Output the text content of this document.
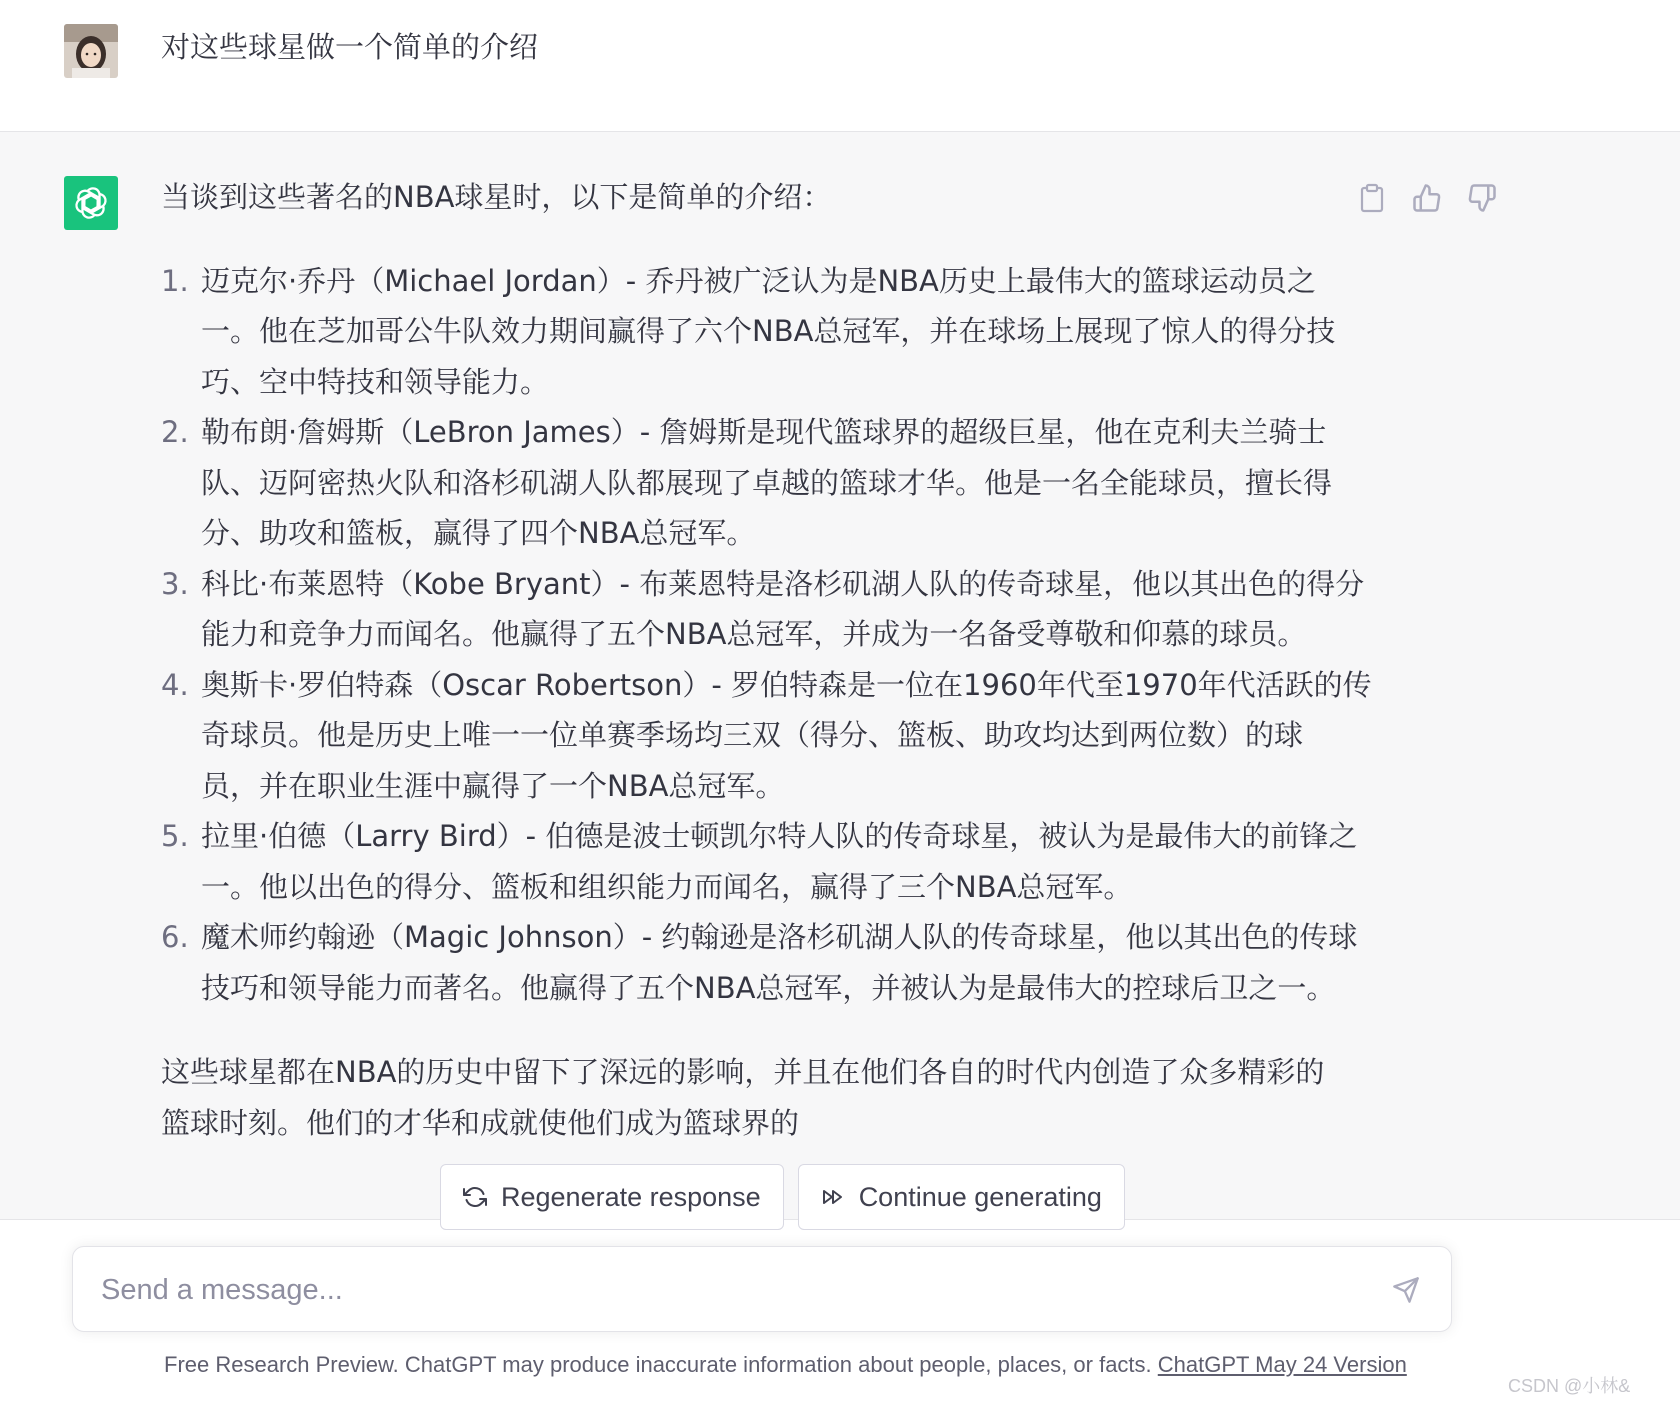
对这些球星做一个简单的介绍

当谈到这些著名的NBA球星时，以下是简单的介绍：

1. 迈克尔·乔丹（Michael Jordan）- 乔丹被广泛认为是NBA历史上最伟大的篮球运动员之
一。他在芝加哥公牛队效力期间赢得了六个NBA总冠军，并在球场上展现了惊人的得分技
巧、空中特技和领导能力。
2. 勒布朗·詹姆斯（LeBron James）- 詹姆斯是现代篮球界的超级巨星，他在克利夫兰骑士
队、迈阿密热火队和洛杉矶湖人队都展现了卓越的篮球才华。他是一名全能球员，擅长得
分、助攻和篮板，赢得了四个NBA总冠军。
3. 科比·布莱恩特（Kobe Bryant）- 布莱恩特是洛杉矶湖人队的传奇球星，他以其出色的得分
能力和竞争力而闻名。他赢得了五个NBA总冠军，并成为一名备受尊敬和仰慕的球员。
4. 奥斯卡·罗伯特森（Oscar Robertson）- 罗伯特森是一位在1960年代至1970年代活跃的传
奇球员。他是历史上唯一一位单赛季场均三双（得分、篮板、助攻均达到两位数）的球
员，并在职业生涯中赢得了一个NBA总冠军。
5. 拉里·伯德（Larry Bird）- 伯德是波士顿凯尔特人队的传奇球星，被认为是最伟大的前锋之
一。他以出色的得分、篮板和组织能力而闻名，赢得了三个NBA总冠军。
6. 魔术师约翰逊（Magic Johnson）- 约翰逊是洛杉矶湖人队的传奇球星，他以其出色的传球
技巧和领导能力而著名。他赢得了五个NBA总冠军，并被认为是最伟大的控球后卫之一。

这些球星都在NBA的历史中留下了深远的影响，并且在他们各自的时代内创造了众多精彩的
篮球时刻。他们的才华和成就使他们成为篮球界的

Regenerate response	Continue generating
Send a message...
Free Research Preview. ChatGPT may produce inaccurate information about people, places, or facts. ChatGPT May 24 Version
CSDN @小林&
